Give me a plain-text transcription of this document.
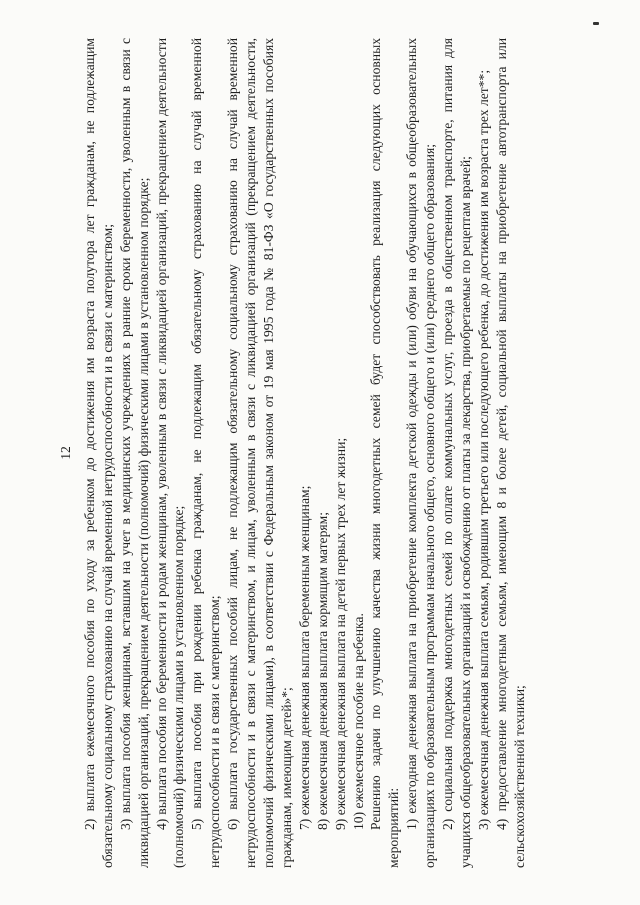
12 2) выплата ежемесячного пособия по уходу за ребенком до достижения им возраста полутора лет гражданам, не подлежащим обязательному социальному страхованию на случай временной нетрудоспособности и в связи с материнством; 3) выплата пособия женщинам, вставшим на учет в медицинских учреждениях в ранние сроки беременности, уволенным в связи с ликвидацией организаций, прекращением деятельности (полномочий) физическими лицами в установленном порядке; 4) выплата пособия по беременности и родам женщинам, уволенным в связи с ликвидацией организаций, прекращением деятельности (полномочий) физическими лицами в установленном порядке; 5) выплата пособия при рождении ребенка гражданам, не подлежащим обязательному страхованию на случай временной нетрудоспособности и в связи с материнством; 6) выплата государственных пособий лицам, не подлежащим обязательному социальному страхованию на случай временной нетрудоспособности и в связи с материнством, и лицам, уволенным в связи с ликвидацией организаций (прекращением деятельности, полномочий физическими лицами), в соответствии с Федеральным законом от 19 мая 1995 года № 81-ФЗ «О государственных пособиях гражданам, имеющим детей»*; 7) ежемесячная денежная выплата беременным женщинам; 8) ежемесячная денежная выплата кормящим матерям; 9) ежемесячная денежная выплата на детей первых трех лет жизни; 10) ежемесячное пособие на ребенка. Решению задачи по улучшению качества жизни многодетных семей будет способствовать реализация следующих основных мероприятий: 1) ежегодная денежная выплата на приобретение комплекта детской одежды и (или) обуви на обучающихся в общеобразовательных организациях по образовательным программам начального общего, основного общего и (или) среднего общего образования; 2) социальная поддержка многодетных семей по оплате коммунальных услуг, проезда в общественном транспорте, питания для учащихся общеобразовательных организаций и освобождению от платы за лекарства, приобретаемые по рецептам врачей; 3) ежемесячная денежная выплата семьям, родившим третьего или последующего ребенка, до достижения им возраста трех лет**; 4) предоставление многодетным семьям, имеющим 8 и более детей, социальной выплаты на приобретение автотранспорта или сельскохозяйственной техники;
